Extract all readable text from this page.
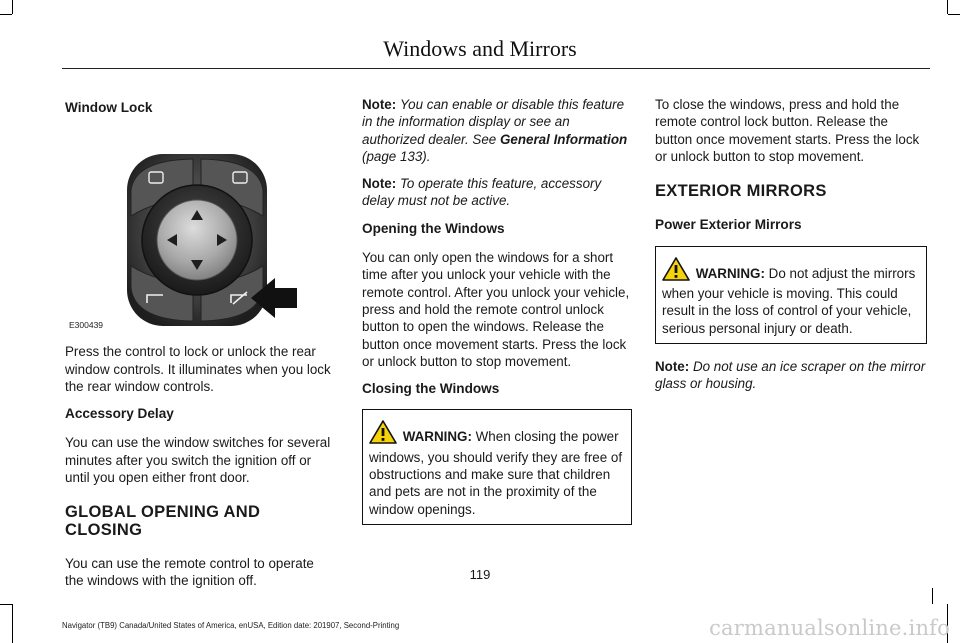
Windows and Mirrors
Window Lock
E300439
Press the control to lock or unlock the rear window controls. It illuminates when you lock the rear window controls.
Accessory Delay
You can use the window switches for several minutes after you switch the ignition off or until you open either front door.
GLOBAL OPENING AND CLOSING
You can use the remote control to operate the windows with the ignition off.
Note: You can enable or disable this feature in the information display or see an authorized dealer. See General Information (page 133).
Note: To operate this feature, accessory delay must not be active.
Opening the Windows
You can only open the windows for a short time after you unlock your vehicle with the remote control. After you unlock your vehicle, press and hold the remote control unlock button to open the windows. Release the button once movement starts. Press the lock or unlock button to stop movement.
Closing the Windows
WARNING: When closing the power windows, you should verify they are free of obstructions and make sure that children and pets are not in the proximity of the window openings.
To close the windows, press and hold the remote control lock button. Release the button once movement starts. Press the lock or unlock button to stop movement.
EXTERIOR MIRRORS
Power Exterior Mirrors
WARNING: Do not adjust the mirrors when your vehicle is moving. This could result in the loss of control of your vehicle, serious personal injury or death.
Note: Do not use an ice scraper on the mirror glass or housing.
119
Navigator (TB9) Canada/United States of America, enUSA, Edition date: 201907, Second-Printing	carmanualsonline.info
